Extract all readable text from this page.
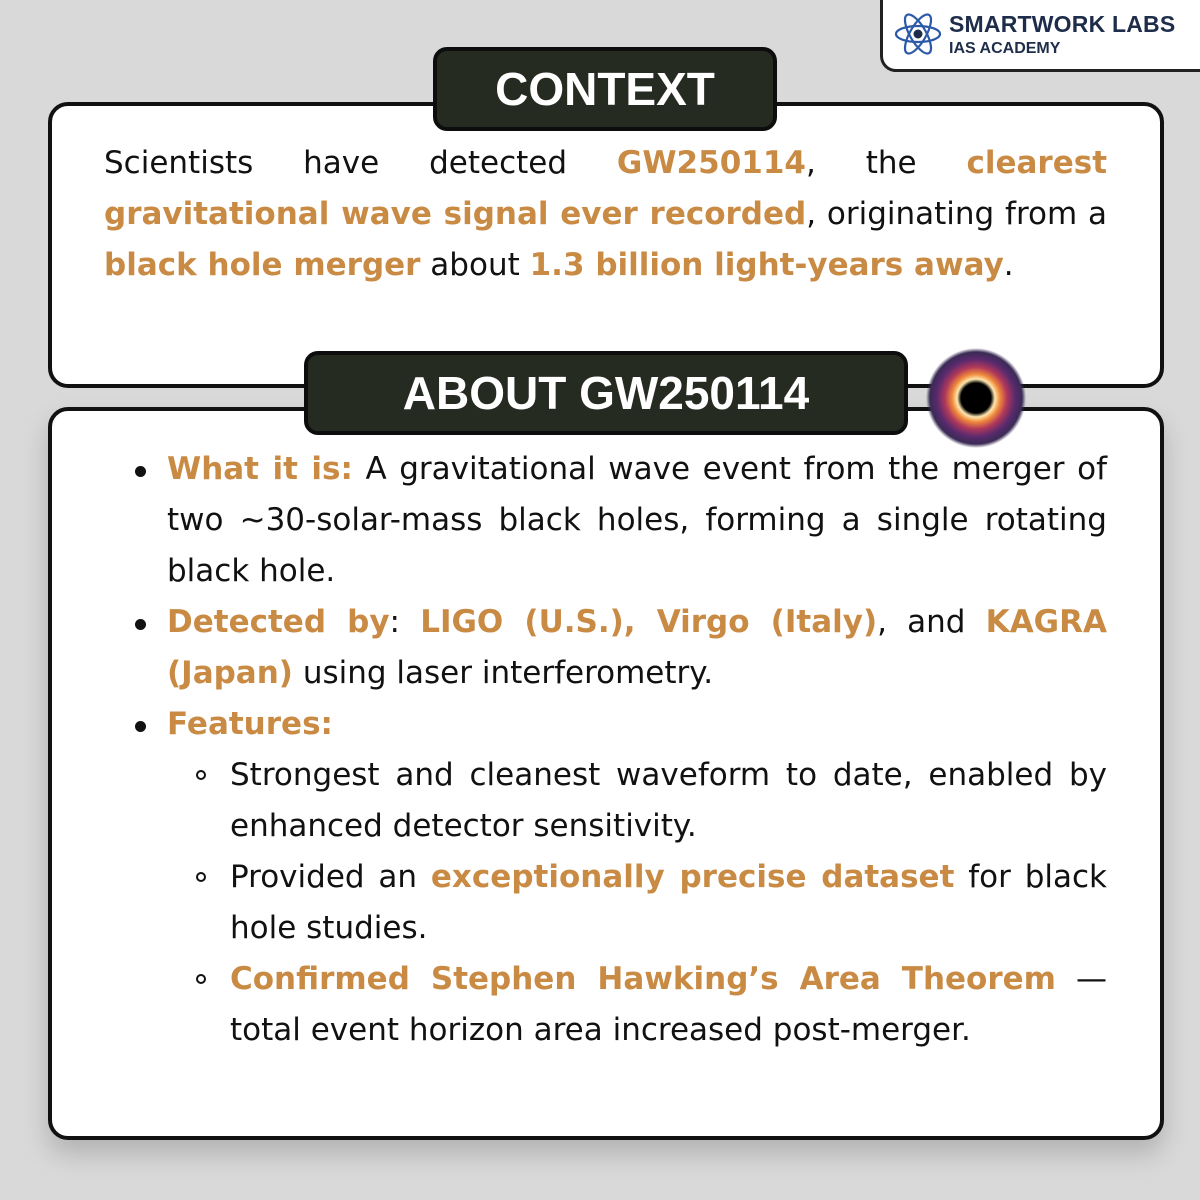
SMARTWORK LABS
IAS ACADEMY
CONTEXT
Scientists have detected GW250114, the clearest gravitational wave signal ever recorded, originating from a black hole merger about 1.3 billion light-years away.
ABOUT GW250114
What it is: A gravitational wave event from the merger of two ~30-solar-mass black holes, forming a single rotating black hole.
Detected by: LIGO (U.S.), Virgo (Italy), and KAGRA (Japan) using laser interferometry.
Features:
Strongest and cleanest waveform to date, enabled by enhanced detector sensitivity.
Provided an exceptionally precise dataset for black hole studies.
Confirmed Stephen Hawking’s Area Theorem — total event horizon area increased post-merger.
